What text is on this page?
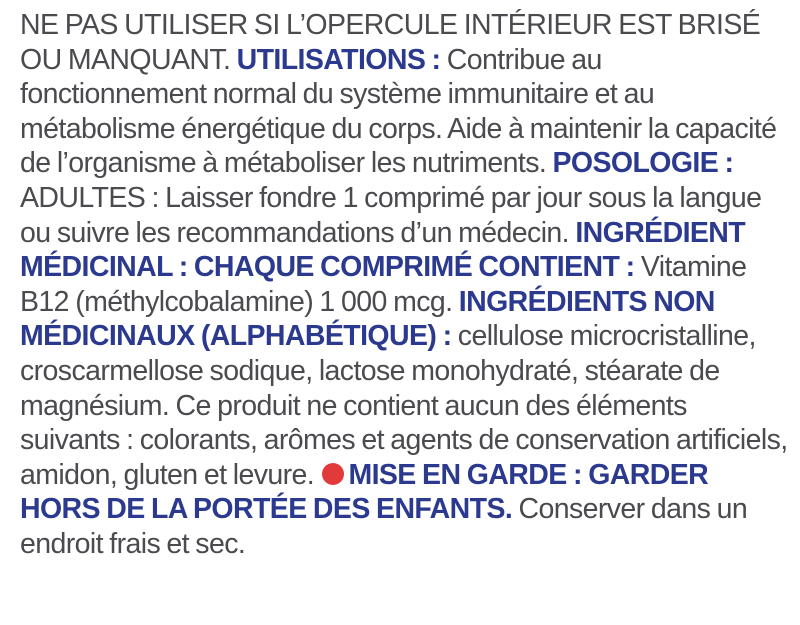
NE PAS UTILISER SI L’OPERCULE INTÉRIEUR EST BRISÉ OU MANQUANT. UTILISATIONS : Contribue au fonctionnement normal du système immunitaire et au métabolisme énergétique du corps. Aide à maintenir la capacité de l’organisme à métaboliser les nutriments. POSOLOGIE : ADULTES : Laisser fondre 1 comprimé par jour sous la langue ou suivre les recommandations d’un médecin. INGRÉDIENT MÉDICINAL : CHAQUE COMPRIMÉ CONTIENT : Vitamine B12 (méthylcobalamine) 1 000 mcg. INGRÉDIENTS NON MÉDICINAUX (ALPHABÉTIQUE) : cellulose microcristalline, croscarmellose sodique, lactose monohydraté, stéarate de magnésium. Ce produit ne contient aucun des éléments suivants : colorants, arômes et agents de conservation artificiels, amidon, gluten et levure. MISE EN GARDE : GARDER HORS DE LA PORTÉE DES ENFANTS. Conserver dans un endroit frais et sec.
